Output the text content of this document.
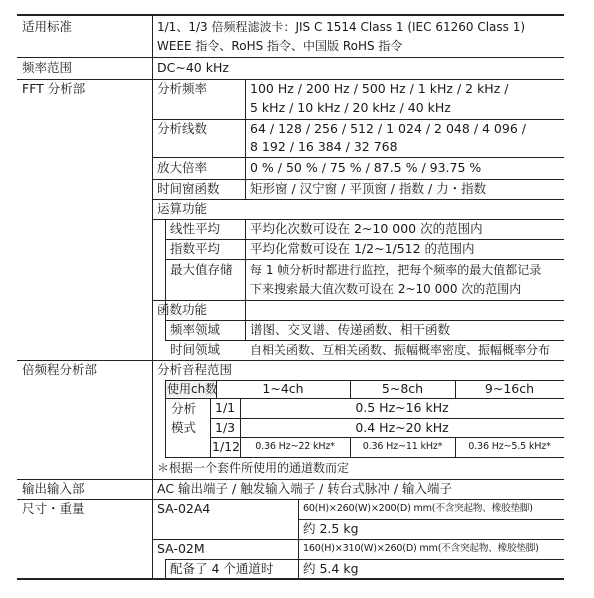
适用标准	1/1、1/3 倍频程滤波卡：JIS C 1514 Class 1 (IEC 61260 Class 1)
WEEE 指令、RoHS 指令、中国版 RoHS 指令
频率范围	DC~40 kHz
FFT 分析部	分析频率	100 Hz / 200 Hz / 500 Hz / 1 kHz / 2 kHz /
5 kHz / 10 kHz / 20 kHz / 40 kHz
分析线数	64 / 128 / 256 / 512 / 1 024 / 2 048 / 4 096 /
8 192 / 16 384 / 32 768
放大倍率	0 % / 50 % / 75 % / 87.5 % / 93.75 %
时间窗函数 矩形窗 / 汉宁窗 / 平顶窗 / 指数 / 力・指数
运算功能
线性平均 平均化次数可设在 2~10 000 次的范围内
指数平均 平均化常数可设在 1/2~1/512 的范围内
最大值存储 每 1 帧分析时都进行监控，把每个频率的最大值都记录
下来搜索最大值次数可设在 2~10 000 次的范围内
函数功能
频率领域 谱图、交叉谱、传递函数、相干函数
时间领域 自相关函数、互相关函数、振幅概率密度、振幅概率分布
倍频程分析部	分析音程范围
使用ch数	1~4ch	5~8ch	9~16ch
分析
模式
1/1	0.5 Hz~16 kHz
1/3	0.4 Hz~20 kHz
1/12	0.36 Hz~22 kHz*	0.36 Hz~11 kHz*	0.36 Hz~5.5 kHz*
＊根据一个套件所使用的通道数而定
输出输入部	AC 输出端子 / 触发输入端子 / 转台式脉冲 / 输入端子
尺寸・重量	SA-02A4	60(H)×260(W)×200(D) mm(不含突起物、橡胶垫脚)
约 2.5 kg
SA-02M	160(H)×310(W)×260(D) mm(不含突起物、橡胶垫脚)
配备了 4 个通道时 约 5.4 kg
